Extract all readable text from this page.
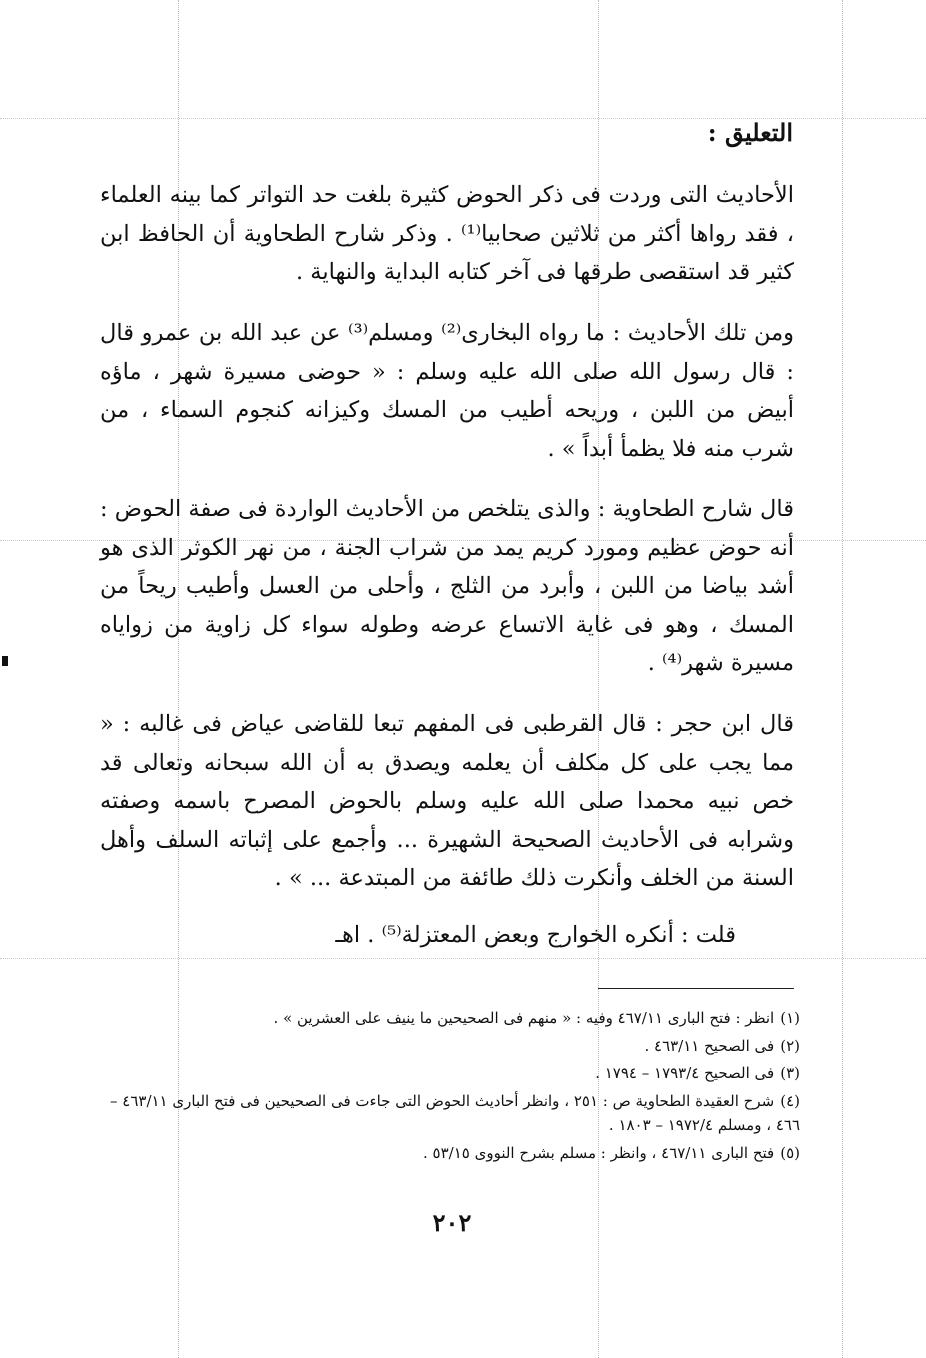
التعليق :

الأحاديث التى وردت فى ذكر الحوض كثيرة بلغت حد التواتر كما بينه العلماء ، فقد رواها أكثر من ثلاثين صحابيا⁽¹⁾ . وذكر شارح الطحاوية أن الحافظ ابن كثير قد استقصى طرقها فى آخر كتابه البداية والنهاية .

ومن تلك الأحاديث : ما رواه البخارى⁽²⁾ ومسلم⁽³⁾ عن عبد الله بن عمرو قال : قال رسول الله صلى الله عليه وسلم : « حوضى مسيرة شهر ، ماؤه أبيض من اللبن ، وريحه أطيب من المسك وكيزانه كنجوم السماء ، من شرب منه فلا يظمأ أبداً » .

قال شارح الطحاوية : والذى يتلخص من الأحاديث الواردة فى صفة الحوض : أنه حوض عظيم ومورد كريم يمد من شراب الجنة ، من نهر الكوثر الذى هو أشد بياضا من اللبن ، وأبرد من الثلج ، وأحلى من العسل وأطيب ريحاً من المسك ، وهو فى غاية الاتساع عرضه وطوله سواء كل زاوية من زواياه مسيرة شهر⁽⁴⁾ .

قال ابن حجر : قال القرطبى فى المفهم تبعا للقاضى عياض فى غالبه : « مما يجب على كل مكلف أن يعلمه ويصدق به أن الله سبحانه وتعالى قد خص نبيه محمدا صلى الله عليه وسلم بالحوض المصرح باسمه وصفته وشرابه فى الأحاديث الصحيحة الشهيرة ... وأجمع على إثباته السلف وأهل السنة من الخلف وأنكرت ذلك طائفة من المبتدعة ... » .

قلت : أنكره الخوارج وبعض المعتزلة⁽⁵⁾ . اهـ

(١)انظر : فتح البارى ٤٦٧/١١ وفيه : « منهم فى الصحيحين ما ينيف على العشرين » .

(٢)فى الصحيح ٤٦٣/١١ .

(٣)فى الصحيح ١٧٩٣/٤ – ١٧٩٤ .

(٤)شرح العقيدة الطحاوية ص : ٢٥١ ، وانظر أحاديث الحوض التى جاءت فى الصحيحين فى فتح البارى ٤٦٣/١١ – ٤٦٦ ، ومسلم ١٩٧٢/٤ – ١٨٠٣ .

(٥)فتح البارى ٤٦٧/١١ ، وانظر : مسلم بشرح النووى ٥٣/١٥ .

٢٠٢
